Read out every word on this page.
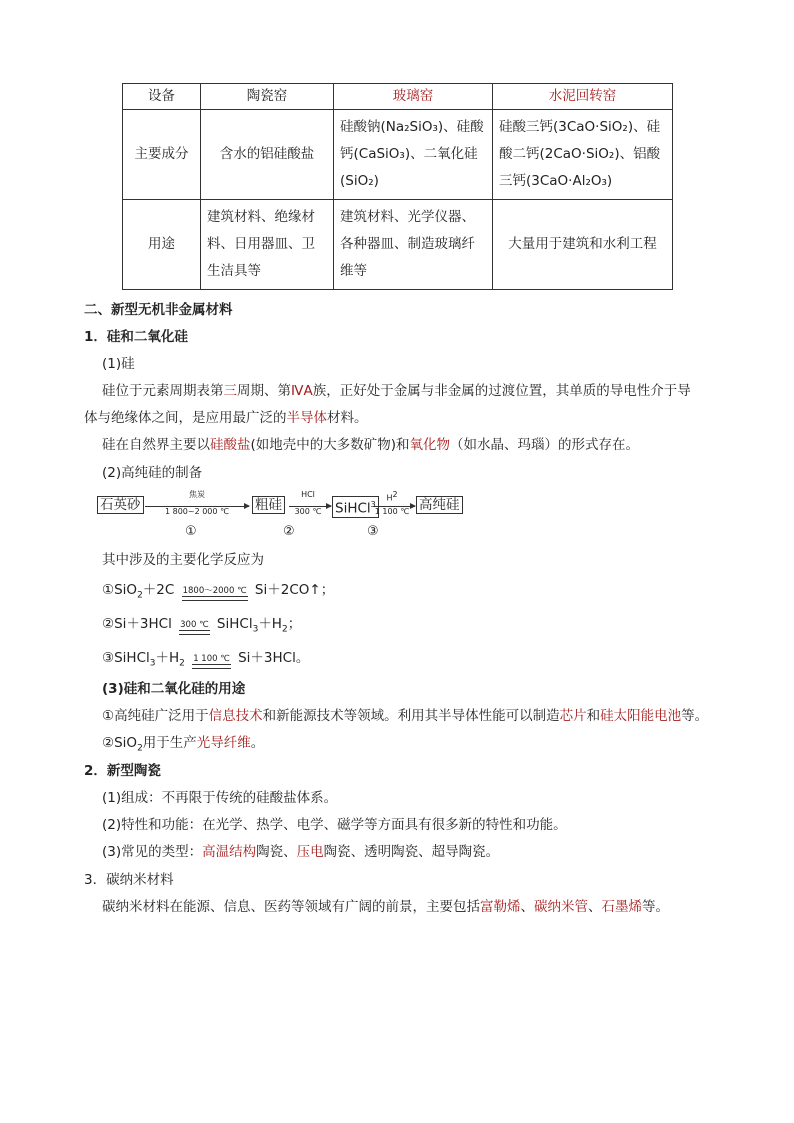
设备	陶瓷窑	玻璃窑	水泥回转窑
主要成分	含水的铝硅酸盐	硅酸钠(Na₂SiO₃)、硅酸钙(CaSiO₃)、二氧化硅(SiO₂)	硅酸三钙(3CaO·SiO₂)、硅酸二钙(2CaO·SiO₂)、铝酸三钙(3CaO·Al₂O₃)
用途	建筑材料、绝缘材料、日用器皿、卫生洁具等	建筑材料、光学仪器、各种器皿、制造玻璃纤维等	大量用于建筑和水利工程
二、新型无机非金属材料
1．硅和二氧化硅
(1)硅
硅位于元素周期表第三周期、第ⅣA族，正好处于金属与非金属的过渡位置，其单质的导电性介于导
体与绝缘体之间，是应用最广泛的半导体材料。
硅在自然界主要以硅酸盐(如地壳中的大多数矿物)和氧化物（如水晶、玛瑙）的形式存在。
(2)高纯硅的制备
石英砂
焦炭
1 800~2 000 ℃	粗硅
HCl
300 ℃	SiHCl$^3$
$H^2$
1 100 ℃ 高纯硅
①	②	③
其中涉及的主要化学反应为
①SiO$_2$＋2C 1800～2000 ℃ Si＋2CO↑；
②Si＋3HCl 300 ℃ $SiHCl_3+H_2$；
$③SiHCl_3+H_2$ 1 100 ℃ Si＋3HCl。
(3)硅和二氧化硅的用途
①高纯硅广泛用于信息技术和新能源技术等领域。利用其半导体性能可以制造芯片和硅太阳能电池等。
②SiO$_2$用于生产光导纤维。
2．新型陶瓷
(1)组成：不再限于传统的硅酸盐体系。
(2)特性和功能：在光学、热学、电学、磁学等方面具有很多新的特性和功能。
(3)常见的类型：高温结构陶瓷、压电陶瓷、透明陶瓷、超导陶瓷。
3．碳纳米材料
碳纳米材料在能源、信息、医药等领域有广阔的前景，主要包括富勒烯、碳纳米管、石墨烯等。
